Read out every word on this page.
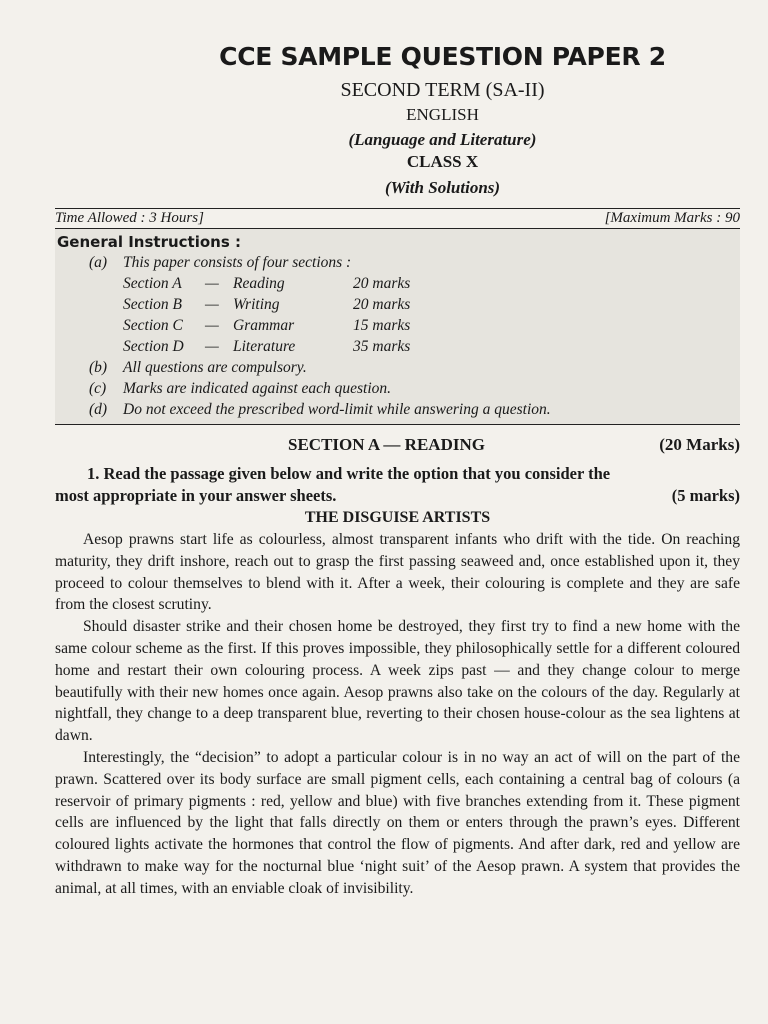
CCE SAMPLE QUESTION PAPER 2
SECOND TERM (SA-II)
ENGLISH
(Language and Literature)
CLASS X
(With Solutions)
Time Allowed : 3 Hours]	[Maximum Marks : 90
General Instructions :
(a)	This paper consists of four sections :
Section A	— Reading	20 marks
Section B	— Writing	20 marks
Section C	— Grammar	15 marks
Section D	— Literature	35 marks
(b)	All questions are compulsory.
(c)	Marks are indicated against each question.
(d)	Do not exceed the prescribed word-limit while answering a question.
SECTION A — READING	(20 Marks)
1. Read the passage given below and write the option that you consider the
most appropriate in your answer sheets.	(5 marks)
THE DISGUISE ARTISTS

Aesop prawns start life as colourless, almost transparent infants who drift with the tide. On reaching maturity, they drift inshore, reach out to grasp the first passing seaweed and, once established upon it, they proceed to colour themselves to blend with it. After a week, their colouring is complete and they are safe from the closest scrutiny.

Should disaster strike and their chosen home be destroyed, they first try to find a new home with the same colour scheme as the first. If this proves impossible, they philosophically settle for a different coloured home and restart their own colouring process. A week zips past — and they change colour to merge beautifully with their new homes once again. Aesop prawns also take on the colours of the day. Regularly at nightfall, they change to a deep transparent blue, reverting to their chosen house-colour as the sea lightens at dawn.

Interestingly, the “decision” to adopt a particular colour is in no way an act of will on the part of the prawn. Scattered over its body surface are small pigment cells, each containing a central bag of colours (a reservoir of primary pigments : red, yellow and blue) with five branches extending from it. These pigment cells are influenced by the light that falls directly on them or enters through the prawn’s eyes. Different coloured lights activate the hormones that control the flow of pigments. And after dark, red and yellow are withdrawn to make way for the nocturnal blue ‘night suit’ of the Aesop prawn. A system that provides the animal, at all times, with an enviable cloak of invisibility.
